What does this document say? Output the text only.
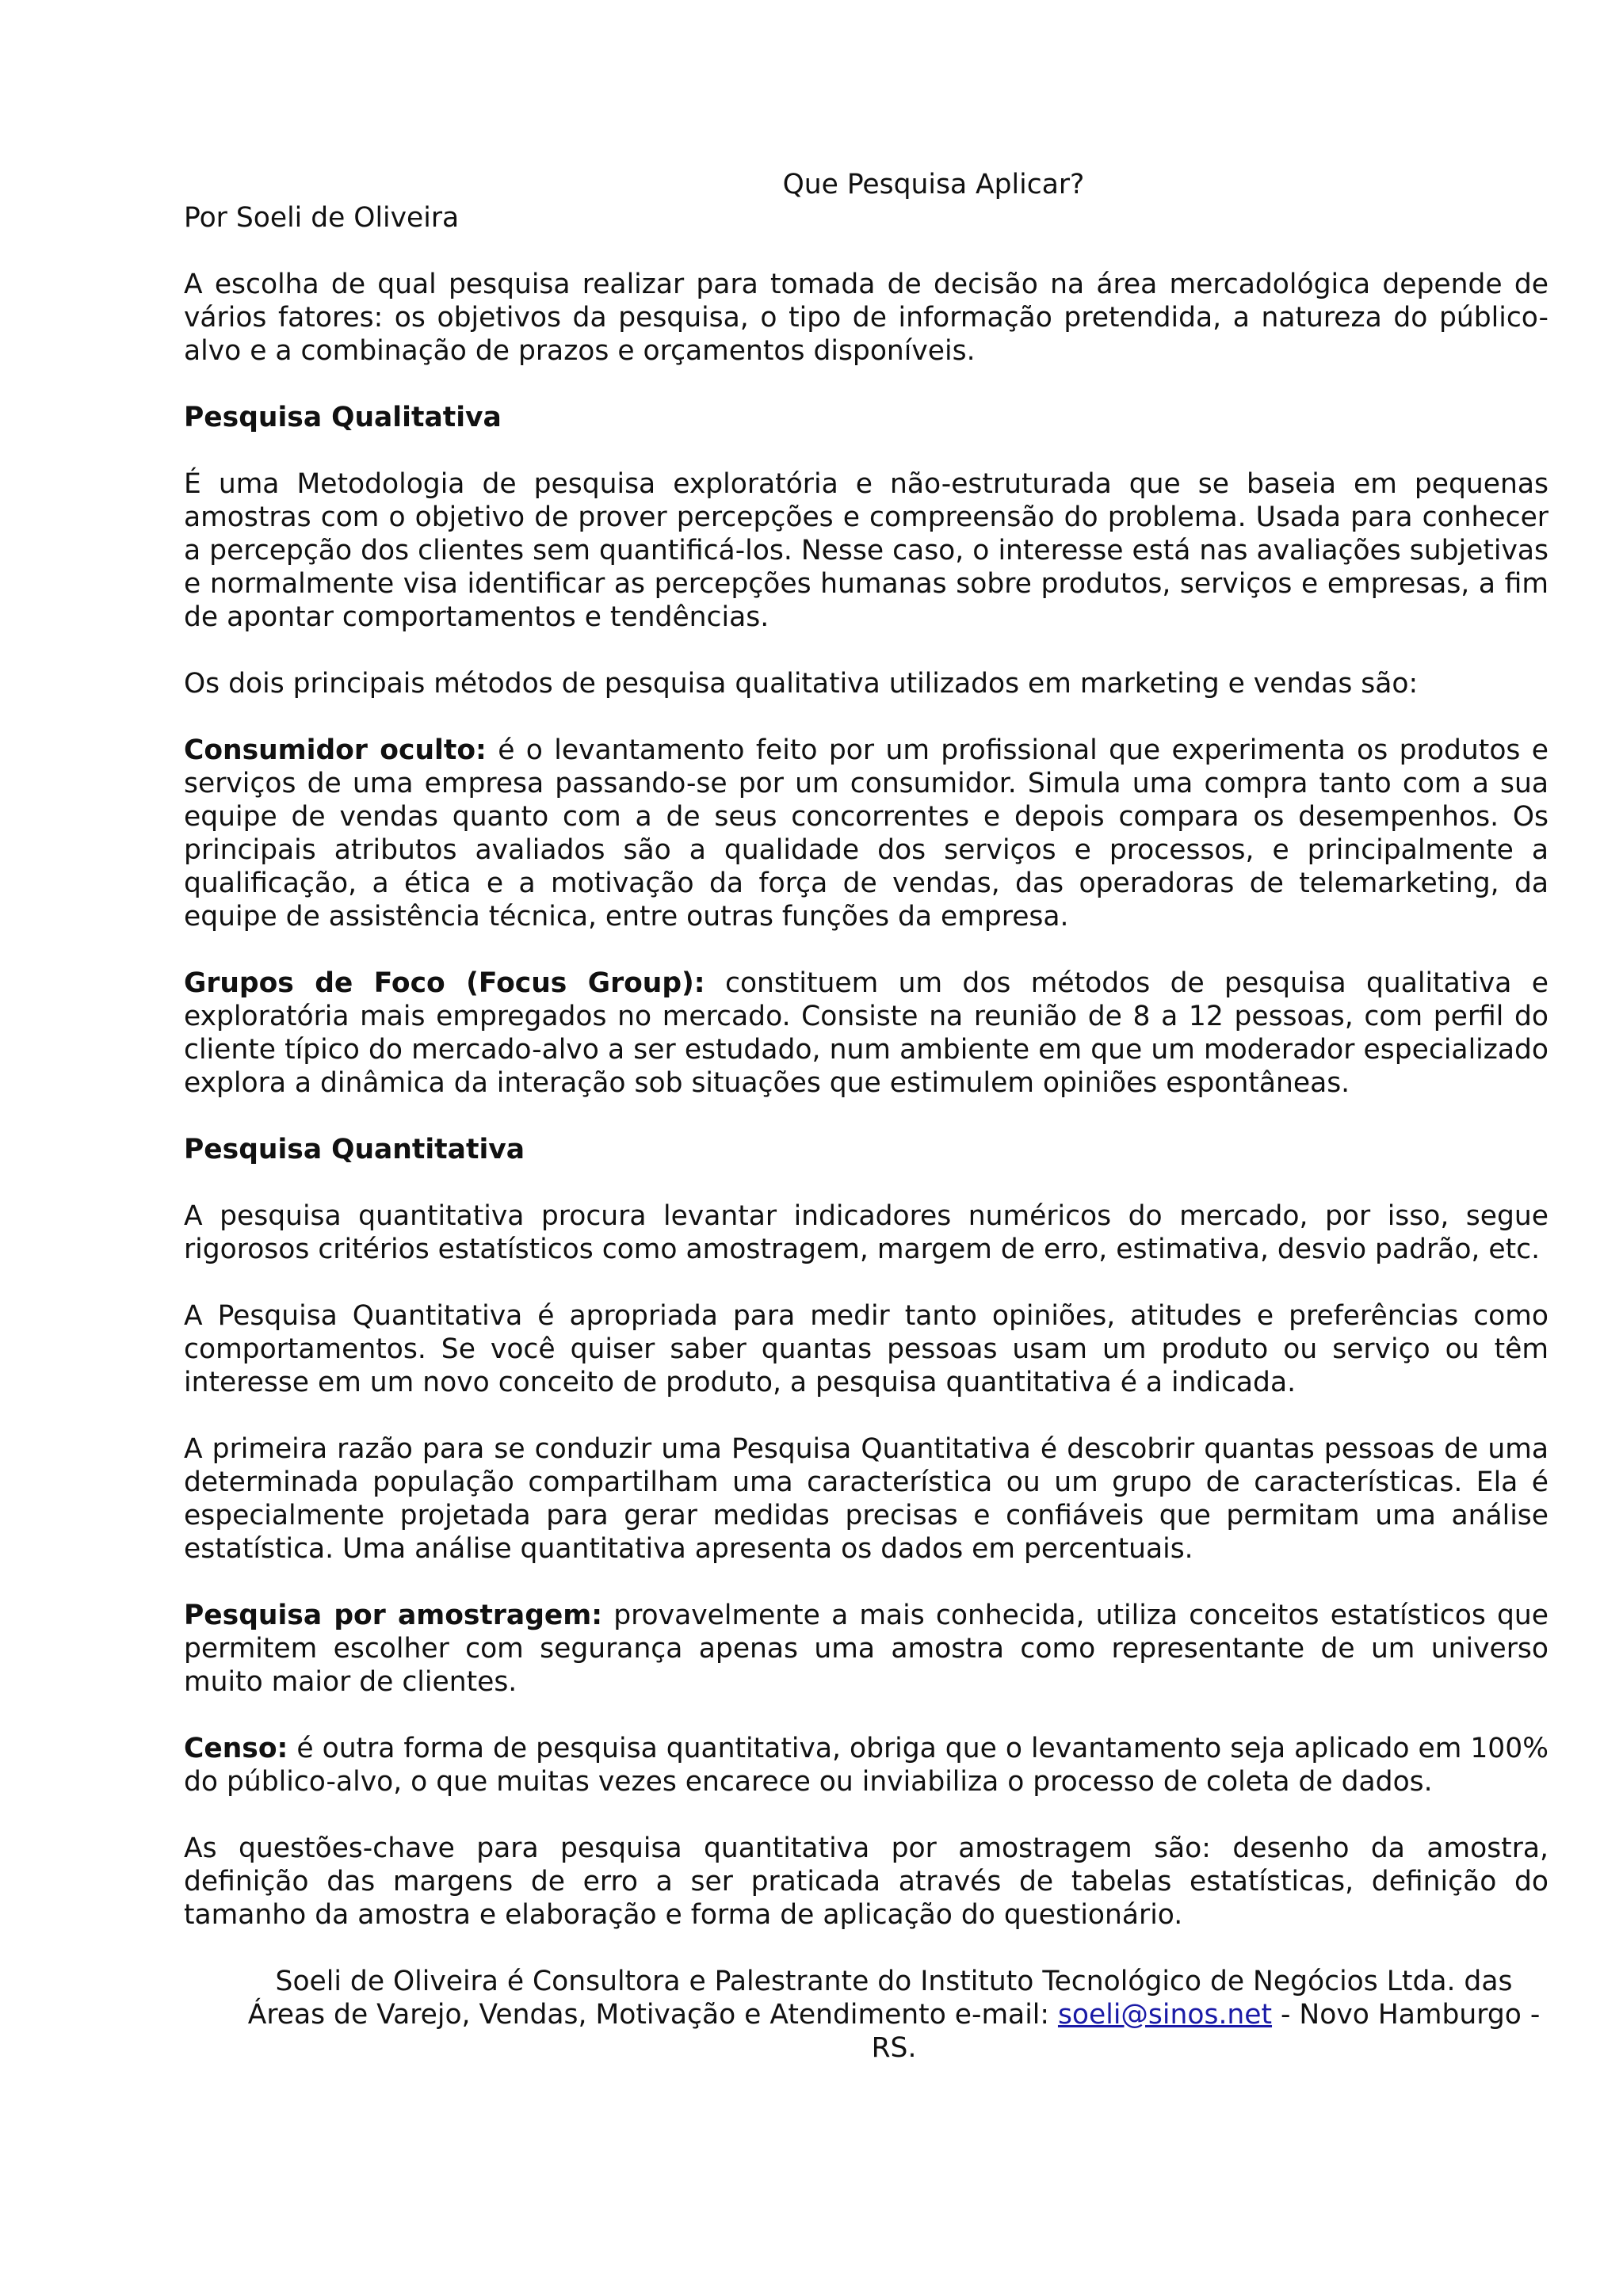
Que Pesquisa Aplicar?
Por Soeli de Oliveira

A escolha de qual pesquisa realizar para tomada de decisão na área mercadológica depende de vários fatores: os objetivos da pesquisa, o tipo de informação pretendida, a natureza do público-alvo e a combinação de prazos e orçamentos disponíveis.

Pesquisa Qualitativa

É uma Metodologia de pesquisa exploratória e não-estruturada que se baseia em pequenas amostras com o objetivo de prover percepções e compreensão do problema. Usada para conhecer a percepção dos clientes sem quantificá-los. Nesse caso, o interesse está nas avaliações subjetivas e normalmente visa identificar as percepções humanas sobre produtos, serviços e empresas, a fim de apontar comportamentos e tendências.

Os dois principais métodos de pesquisa qualitativa utilizados em marketing e vendas são:

Consumidor oculto: é o levantamento feito por um profissional que experimenta os produtos e serviços de uma empresa passando-se por um consumidor. Simula uma compra tanto com a sua equipe de vendas quanto com a de seus concorrentes e depois compara os desempenhos. Os principais atributos avaliados são a qualidade dos serviços e processos, e principalmente a qualificação, a ética e a motivação da força de vendas, das operadoras de telemarketing, da equipe de assistência técnica, entre outras funções da empresa.

Grupos de Foco (Focus Group): constituem um dos métodos de pesquisa qualitativa e exploratória mais empregados no mercado. Consiste na reunião de 8 a 12 pessoas, com perfil do cliente típico do mercado-alvo a ser estudado, num ambiente em que um moderador especializado explora a dinâmica da interação sob situações que estimulem opiniões espontâneas.

Pesquisa Quantitativa

A pesquisa quantitativa procura levantar indicadores numéricos do mercado, por isso, segue rigorosos critérios estatísticos como amostragem, margem de erro, estimativa, desvio padrão, etc.

A Pesquisa Quantitativa é apropriada para medir tanto opiniões, atitudes e preferências como comportamentos. Se você quiser saber quantas pessoas usam um produto ou serviço ou têm interesse em um novo conceito de produto, a pesquisa quantitativa é a indicada.

A primeira razão para se conduzir uma Pesquisa Quantitativa é descobrir quantas pessoas de uma determinada população compartilham uma característica ou um grupo de características. Ela é especialmente projetada para gerar medidas precisas e confiáveis que permitam uma análise estatística. Uma análise quantitativa apresenta os dados em percentuais.

Pesquisa por amostragem: provavelmente a mais conhecida, utiliza conceitos estatísticos que permitem escolher com segurança apenas uma amostra como representante de um universo muito maior de clientes.

Censo: é outra forma de pesquisa quantitativa, obriga que o levantamento seja aplicado em 100% do público-alvo, o que muitas vezes encarece ou inviabiliza o processo de coleta de dados.

As questões-chave para pesquisa quantitativa por amostragem são: desenho da amostra, definição das margens de erro a ser praticada através de tabelas estatísticas, definição do tamanho da amostra e elaboração e forma de aplicação do questionário.

Soeli de Oliveira é Consultora e Palestrante do Instituto Tecnológico de Negócios Ltda. das Áreas de Varejo, Vendas, Motivação e Atendimento e-mail: soeli@sinos.net - Novo Hamburgo - RS.
